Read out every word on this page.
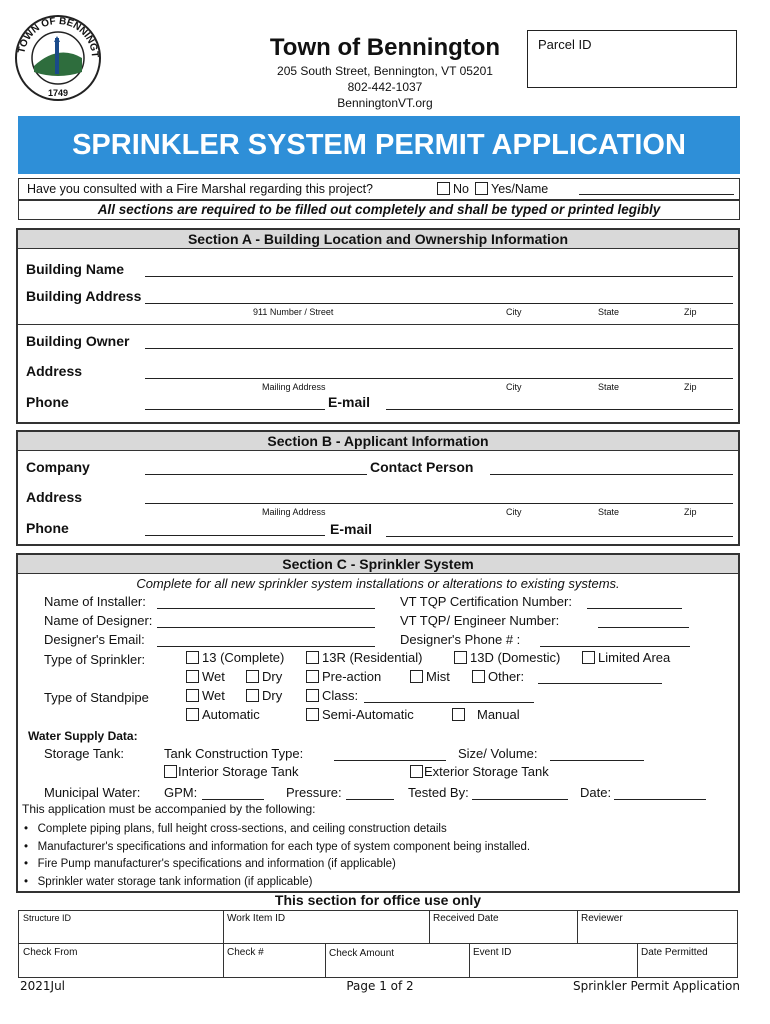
TOWN OF BENNINGT
1749
Town of Bennington
205 South Street, Bennington, VT 05201
802-442-1037
BenningtonVT.org
Parcel ID
SPRINKLER SYSTEM PERMIT APPLICATION
Have you consulted with a Fire Marshal regarding this project?	No	Yes/Name
All sections are required to be filled out completely and shall be typed or printed legibly
Section A - Building Location and Ownership Information
Building Name
Building Address
911 Number / Street	City	State	Zip
Building Owner
Address
Mailing Address	City	State	Zip
Phone	E-mail
Section B - Applicant Information
Company	Contact Person
Address
Mailing Address	City	State	Zip
Phone	E-mail
Section C - Sprinkler System
Complete for all new sprinkler system installations or alterations to existing systems.
Name of Installer:	VT TQP Certification Number:
Name of Designer:	VT TQP/ Engineer Number:
Designer's Email:	Designer's Phone # :
Type of Sprinkler:	13 (Complete)	13R (Residential)	13D (Domestic)	Limited Area
Wet	Dry	Pre-action	Mist	Other:
Type of Standpipe	Wet	Dry	Class:
Automatic	Semi-Automatic	Manual
Water Supply Data:
Storage Tank:	Tank Construction Type:	Size/ Volume:
Interior Storage Tank	Exterior Storage Tank
Municipal Water: GPM:	Pressure:	Tested By:	Date:
This application must be accompanied by the following:
•   Complete piping plans, full height cross-sections, and ceiling construction details
•   Manufacturer's specifications and information for each type of system component being installed.
•   Fire Pump manufacturer's specifications and information (if applicable)
•   Sprinkler water storage tank information (if applicable)
This section for office use only
Structure ID	Work Item ID	Received Date	Reviewer
Check From	Check #	Check Amount	Event ID	Date Permitted
2021Jul	Page 1 of 2	Sprinkler Permit Application
